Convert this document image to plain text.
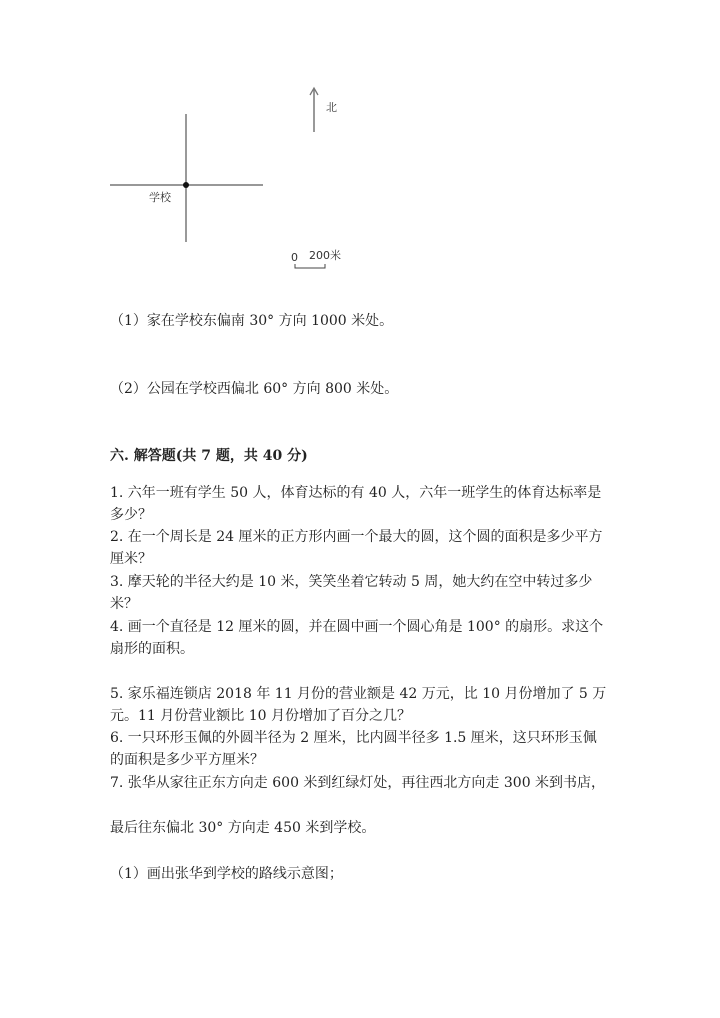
学校
北
0 200米
（1）家在学校东偏南 30° 方向 1000 米处。
（2）公园在学校西偏北 60° 方向 800 米处。
六. 解答题(共 7 题，共 40 分)
1. 六年一班有学生 50 人，体育达标的有 40 人，六年一班学生的体育达标率是
多少？
2. 在一个周长是 24 厘米的正方形内画一个最大的圆，这个圆的面积是多少平方
厘米？
3. 摩天轮的半径大约是 10 米，笑笑坐着它转动 5 周，她大约在空中转过多少
米？
4. 画一个直径是 12 厘米的圆，并在圆中画一个圆心角是 100° 的扇形。求这个
扇形的面积。
5. 家乐福连锁店 2018 年 11 月份的营业额是 42 万元，比 10 月份增加了 5 万
元。11 月份营业额比 10 月份增加了百分之几？
6. 一只环形玉佩的外圆半径为 2 厘米，比内圆半径多 1.5 厘米，这只环形玉佩
的面积是多少平方厘米？
7. 张华从家往正东方向走 600 米到红绿灯处，再往西北方向走 300 米到书店，
最后往东偏北 30° 方向走 450 米到学校。
（1）画出张华到学校的路线示意图；
